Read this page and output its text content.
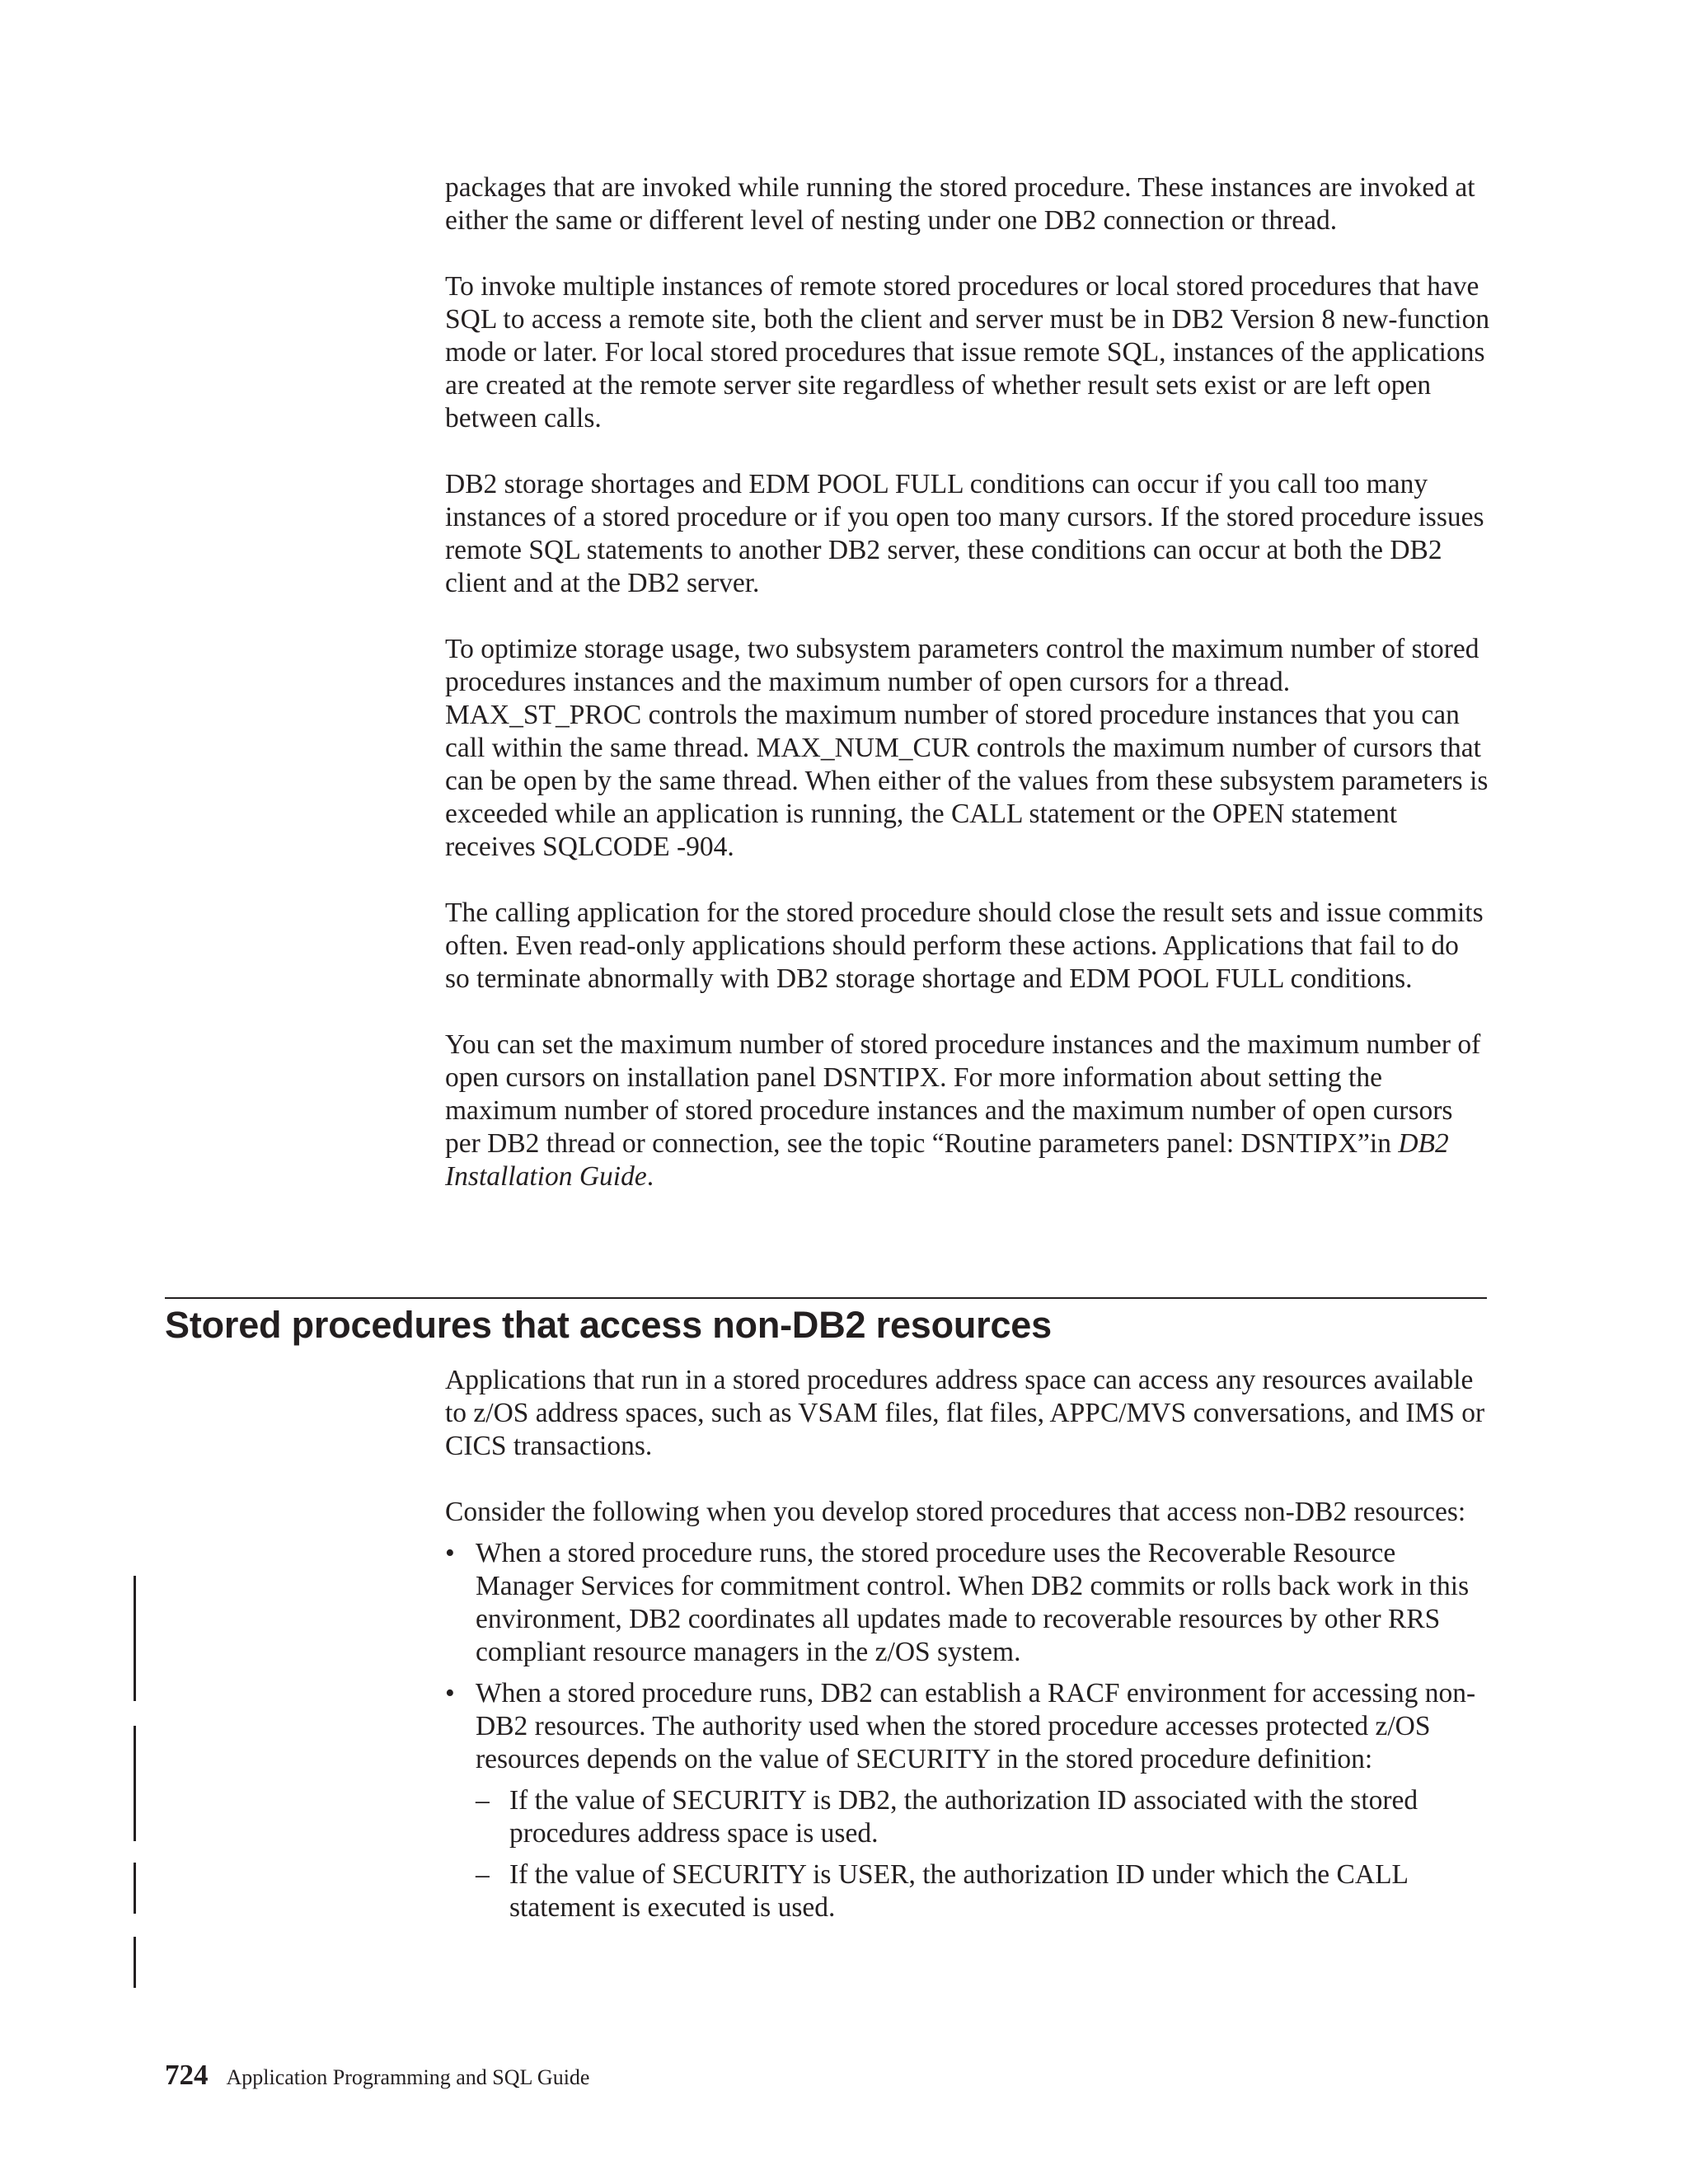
packages that are invoked while running the stored procedure. These instances are invoked at either the same or different level of nesting under one DB2 connection or thread.

To invoke multiple instances of remote stored procedures or local stored procedures that have SQL to access a remote site, both the client and server must be in DB2 Version 8 new-function mode or later. For local stored procedures that issue remote SQL, instances of the applications are created at the remote server site regardless of whether result sets exist or are left open between calls.

DB2 storage shortages and EDM POOL FULL conditions can occur if you call too many instances of a stored procedure or if you open too many cursors. If the stored procedure issues remote SQL statements to another DB2 server, these conditions can occur at both the DB2 client and at the DB2 server.

To optimize storage usage, two subsystem parameters control the maximum number of stored procedures instances and the maximum number of open cursors for a thread. MAX_ST_PROC controls the maximum number of stored procedure instances that you can call within the same thread. MAX_NUM_CUR controls the maximum number of cursors that can be open by the same thread. When either of the values from these subsystem parameters is exceeded while an application is running, the CALL statement or the OPEN statement receives SQLCODE -904.

The calling application for the stored procedure should close the result sets and issue commits often. Even read-only applications should perform these actions. Applications that fail to do so terminate abnormally with DB2 storage shortage and EDM POOL FULL conditions.

You can set the maximum number of stored procedure instances and the maximum number of open cursors on installation panel DSNTIPX. For more information about setting the maximum number of stored procedure instances and the maximum number of open cursors per DB2 thread or connection, see the topic “Routine parameters panel: DSNTIPX”in DB2 Installation Guide.

Stored procedures that access non-DB2 resources

Applications that run in a stored procedures address space can access any resources available to z/OS address spaces, such as VSAM files, flat files, APPC/MVS conversations, and IMS or CICS transactions.

Consider the following when you develop stored procedures that access non-DB2 resources:

• When a stored procedure runs, the stored procedure uses the Recoverable Resource Manager Services for commitment control. When DB2 commits or rolls back work in this environment, DB2 coordinates all updates made to recoverable resources by other RRS compliant resource managers in the z/OS system.
• When a stored procedure runs, DB2 can establish a RACF environment for accessing non-DB2 resources. The authority used when the stored procedure accesses protected z/OS resources depends on the value of SECURITY in the stored procedure definition:
– If the value of SECURITY is DB2, the authorization ID associated with the stored procedures address space is used.
– If the value of SECURITY is USER, the authorization ID under which the CALL statement is executed is used.
724 Application Programming and SQL Guide
